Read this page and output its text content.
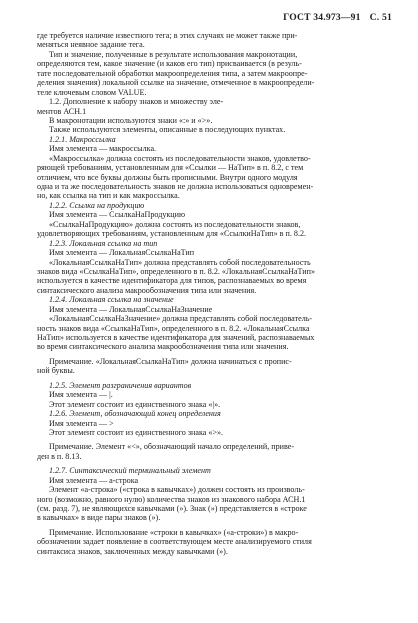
ГОСТ 34.973—91 С. 51
где требуется наличие известного тега; в этих случаях не может также при-
меняться неявное задание тега.
Тип и значение, полученные в результате использования макронотации,
определяются тем, какое значение (и каков его тип) присваивается (в резуль-
тате последовательной обработки макроопределения типа, а затем макроопре-
деления значения) локальной ссылке на значение, отмеченное в макроопредели-
теле ключевым словом VALUE.
1.2. Дополнение к набору знаков и множеству эле-
ментов АСН.1
В макронотации используются знаки «:» и «>».
Также используются элементы, описанные в последующих пунктах.
1.2.1. Макроссылка
Имя элемента — макроссылка.
«Макроссылка» должна состоять из последовательности знаков, удовлетво-
ряющей требованиям, установленным для «Ссылки — НаТип» в п. 8.2, с тем
отличием, что все буквы должны быть прописными. Внутри одного модуля
одна и та же последовательность знаков не должна использоваться одновремен-
но, как ссылка на тип и как макроссылка.
1.2.2. Ссылка на продукцию
Имя элемента — СсылкаНаПродукцию
«СсылкаНаПродукцию» должна состоять из последовательности знаков,
удовлетворяющих требованиям, установленным для «СсылкиНаТип» в п. 8.2.
1.2.3. Локальная ссылка на тип
Имя элемента — ЛокальнаяСсылкаНаТип
«ЛокальнаяСсылкаНаТип» должна представлять собой последовательность
знаков вида «СсылкаНаТип», определенного в п. 8.2. «ЛокальнаяСсылкаНаТип»
используется в качестве идентификатора для типов, распознаваемых во время
синтаксического анализа макрообозначения типа или значения.
1.2.4. Локальная ссылка на значение
Имя элемента — ЛокальнаяСсылкаНаЗначение
«ЛокальнаяСсылкаНаЗначение» должна представлять собой последователь-
ность знаков вида «СсылкаНаТип», определенного в п. 8.2. «ЛокальнаяСсылка
НаТип» используется в качестве идентификатора для значений, распознаваемых
во время синтаксического анализа макрообозначения типа или значения.
Примечание. «ЛокальнаяСсылкаНаТип» должна начинаться с пропис-
ной буквы.
1.2.5. Элемент разграничения вариантов
Имя элемента — |.
Этот элемент состоит из единственного знака «|».
1.2.6. Элемент, обозначающий конец определения
Имя элемента — >
Этот элемент состоит из единственного знака «>».
Примечание. Элемент «<», обозначающий начало определений, приве-
ден в п. 8.13.
1.2.7. Синтаксический терминальный элемент
Имя элемента — а-строка
Элемент «а-строка» («строка в кавычках») должен состоять из произволь-
ного (возможно, равного нулю) количества знаков из знакового набора АСН.1
(см. разд. 7), не являющихся кавычками (»). Знак (») представляется в «строке
в кавычках» в виде пары знаков (»).
Примечание. Использование «строки в кавычках» («а-строки») в макро-
обозначении задает появление в соответствующем месте анализируемого стиля
синтаксиса знаков, заключенных между кавычками (»).
